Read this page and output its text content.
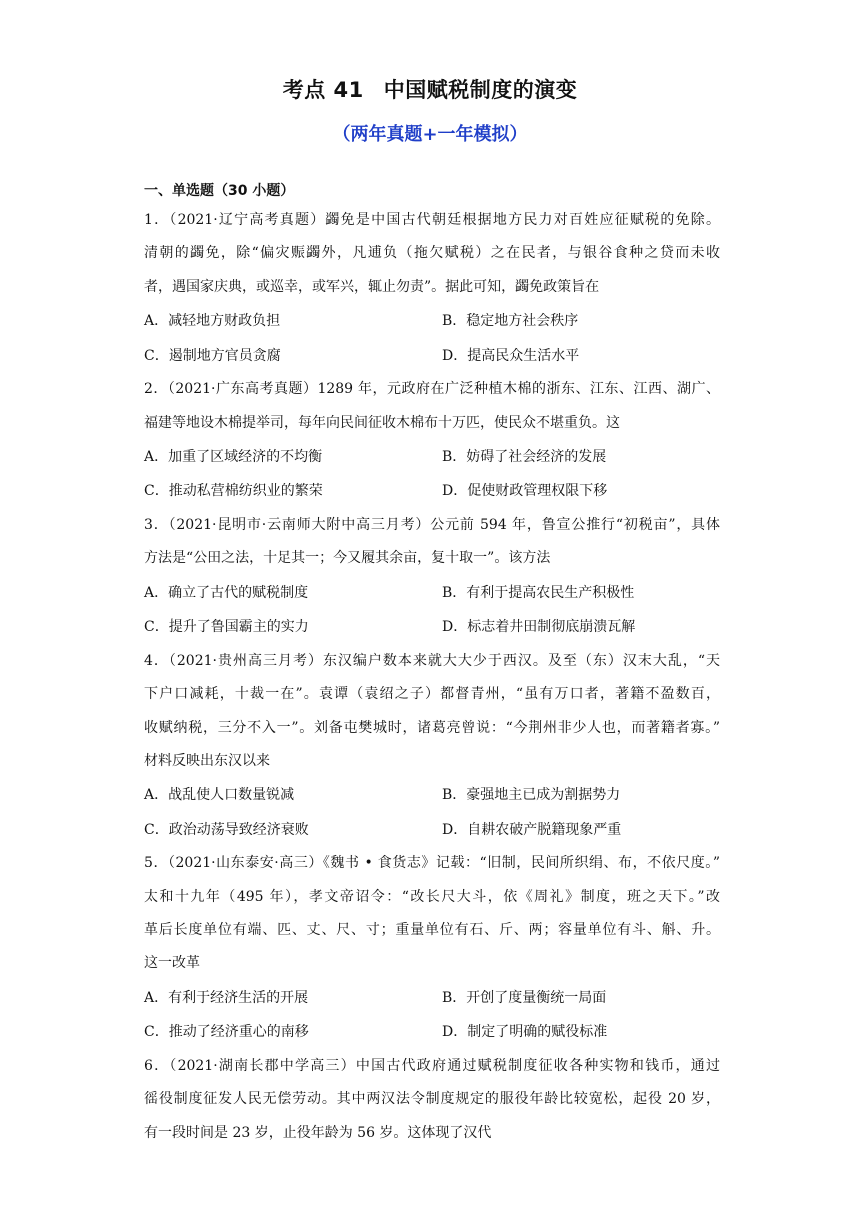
考点 41 中国赋税制度的演变
（两年真题+一年模拟）
一、单选题（30 小题）
1．（2021·辽宁高考真题）蠲免是中国古代朝廷根据地方民力对百姓应征赋税的免除。
清朝的蠲免，除“偏灾赈蠲外，凡逋负（拖欠赋税）之在民者，与银谷食种之贷而未收
者，遇国家庆典，或巡幸，或军兴，辄止勿责”。据此可知，蠲免政策旨在
A．减轻地方财政负担	B．稳定地方社会秩序
C．遏制地方官员贪腐	D．提高民众生活水平
2．（2021·广东高考真题）1289 年，元政府在广泛种植木棉的浙东、江东、江西、湖广、
福建等地设木棉提举司，每年向民间征收木棉布十万匹，使民众不堪重负。这
A．加重了区域经济的不均衡	B．妨碍了社会经济的发展
C．推动私营棉纺织业的繁荣	D．促使财政管理权限下移
3．（2021·昆明市·云南师大附中高三月考）公元前 594 年，鲁宣公推行“初税亩”，具体
方法是“公田之法，十足其一；今又履其余亩，复十取一”。该方法
A．确立了古代的赋税制度	B．有利于提高农民生产积极性
C．提升了鲁国霸主的实力	D．标志着井田制彻底崩溃瓦解
4．（2021·贵州高三月考）东汉编户数本来就大大少于西汉。及至（东）汉末大乱，“天
下户口减耗，十裁一在”。袁谭（袁绍之子）都督青州，“虽有万口者，著籍不盈数百，
收赋纳税，三分不入一”。刘备屯樊城时，诸葛亮曾说：“今荆州非少人也，而著籍者寡。”
材料反映出东汉以来
A．战乱使人口数量锐减	B．豪强地主已成为割据势力
C．政治动荡导致经济衰败	D．自耕农破产脱籍现象严重
5．（2021·山东泰安·高三）《魏书 • 食货志》记载：“旧制，民间所织绢、布，不依尺度。”
太和十九年（495 年），孝文帝诏令：“改长尺大斗，依《周礼》制度，班之天下。”改
革后长度单位有端、匹、丈、尺、寸；重量单位有石、斤、两；容量单位有斗、斛、升。
这一改革
A．有利于经济生活的开展	B．开创了度量衡统一局面
C．推动了经济重心的南移	D．制定了明确的赋役标准
6．（2021·湖南长郡中学高三）中国古代政府通过赋税制度征收各种实物和钱币，通过
徭役制度征发人民无偿劳动。其中两汉法令制度规定的服役年龄比较宽松，起役 20 岁，
有一段时间是 23 岁，止役年龄为 56 岁。这体现了汉代
